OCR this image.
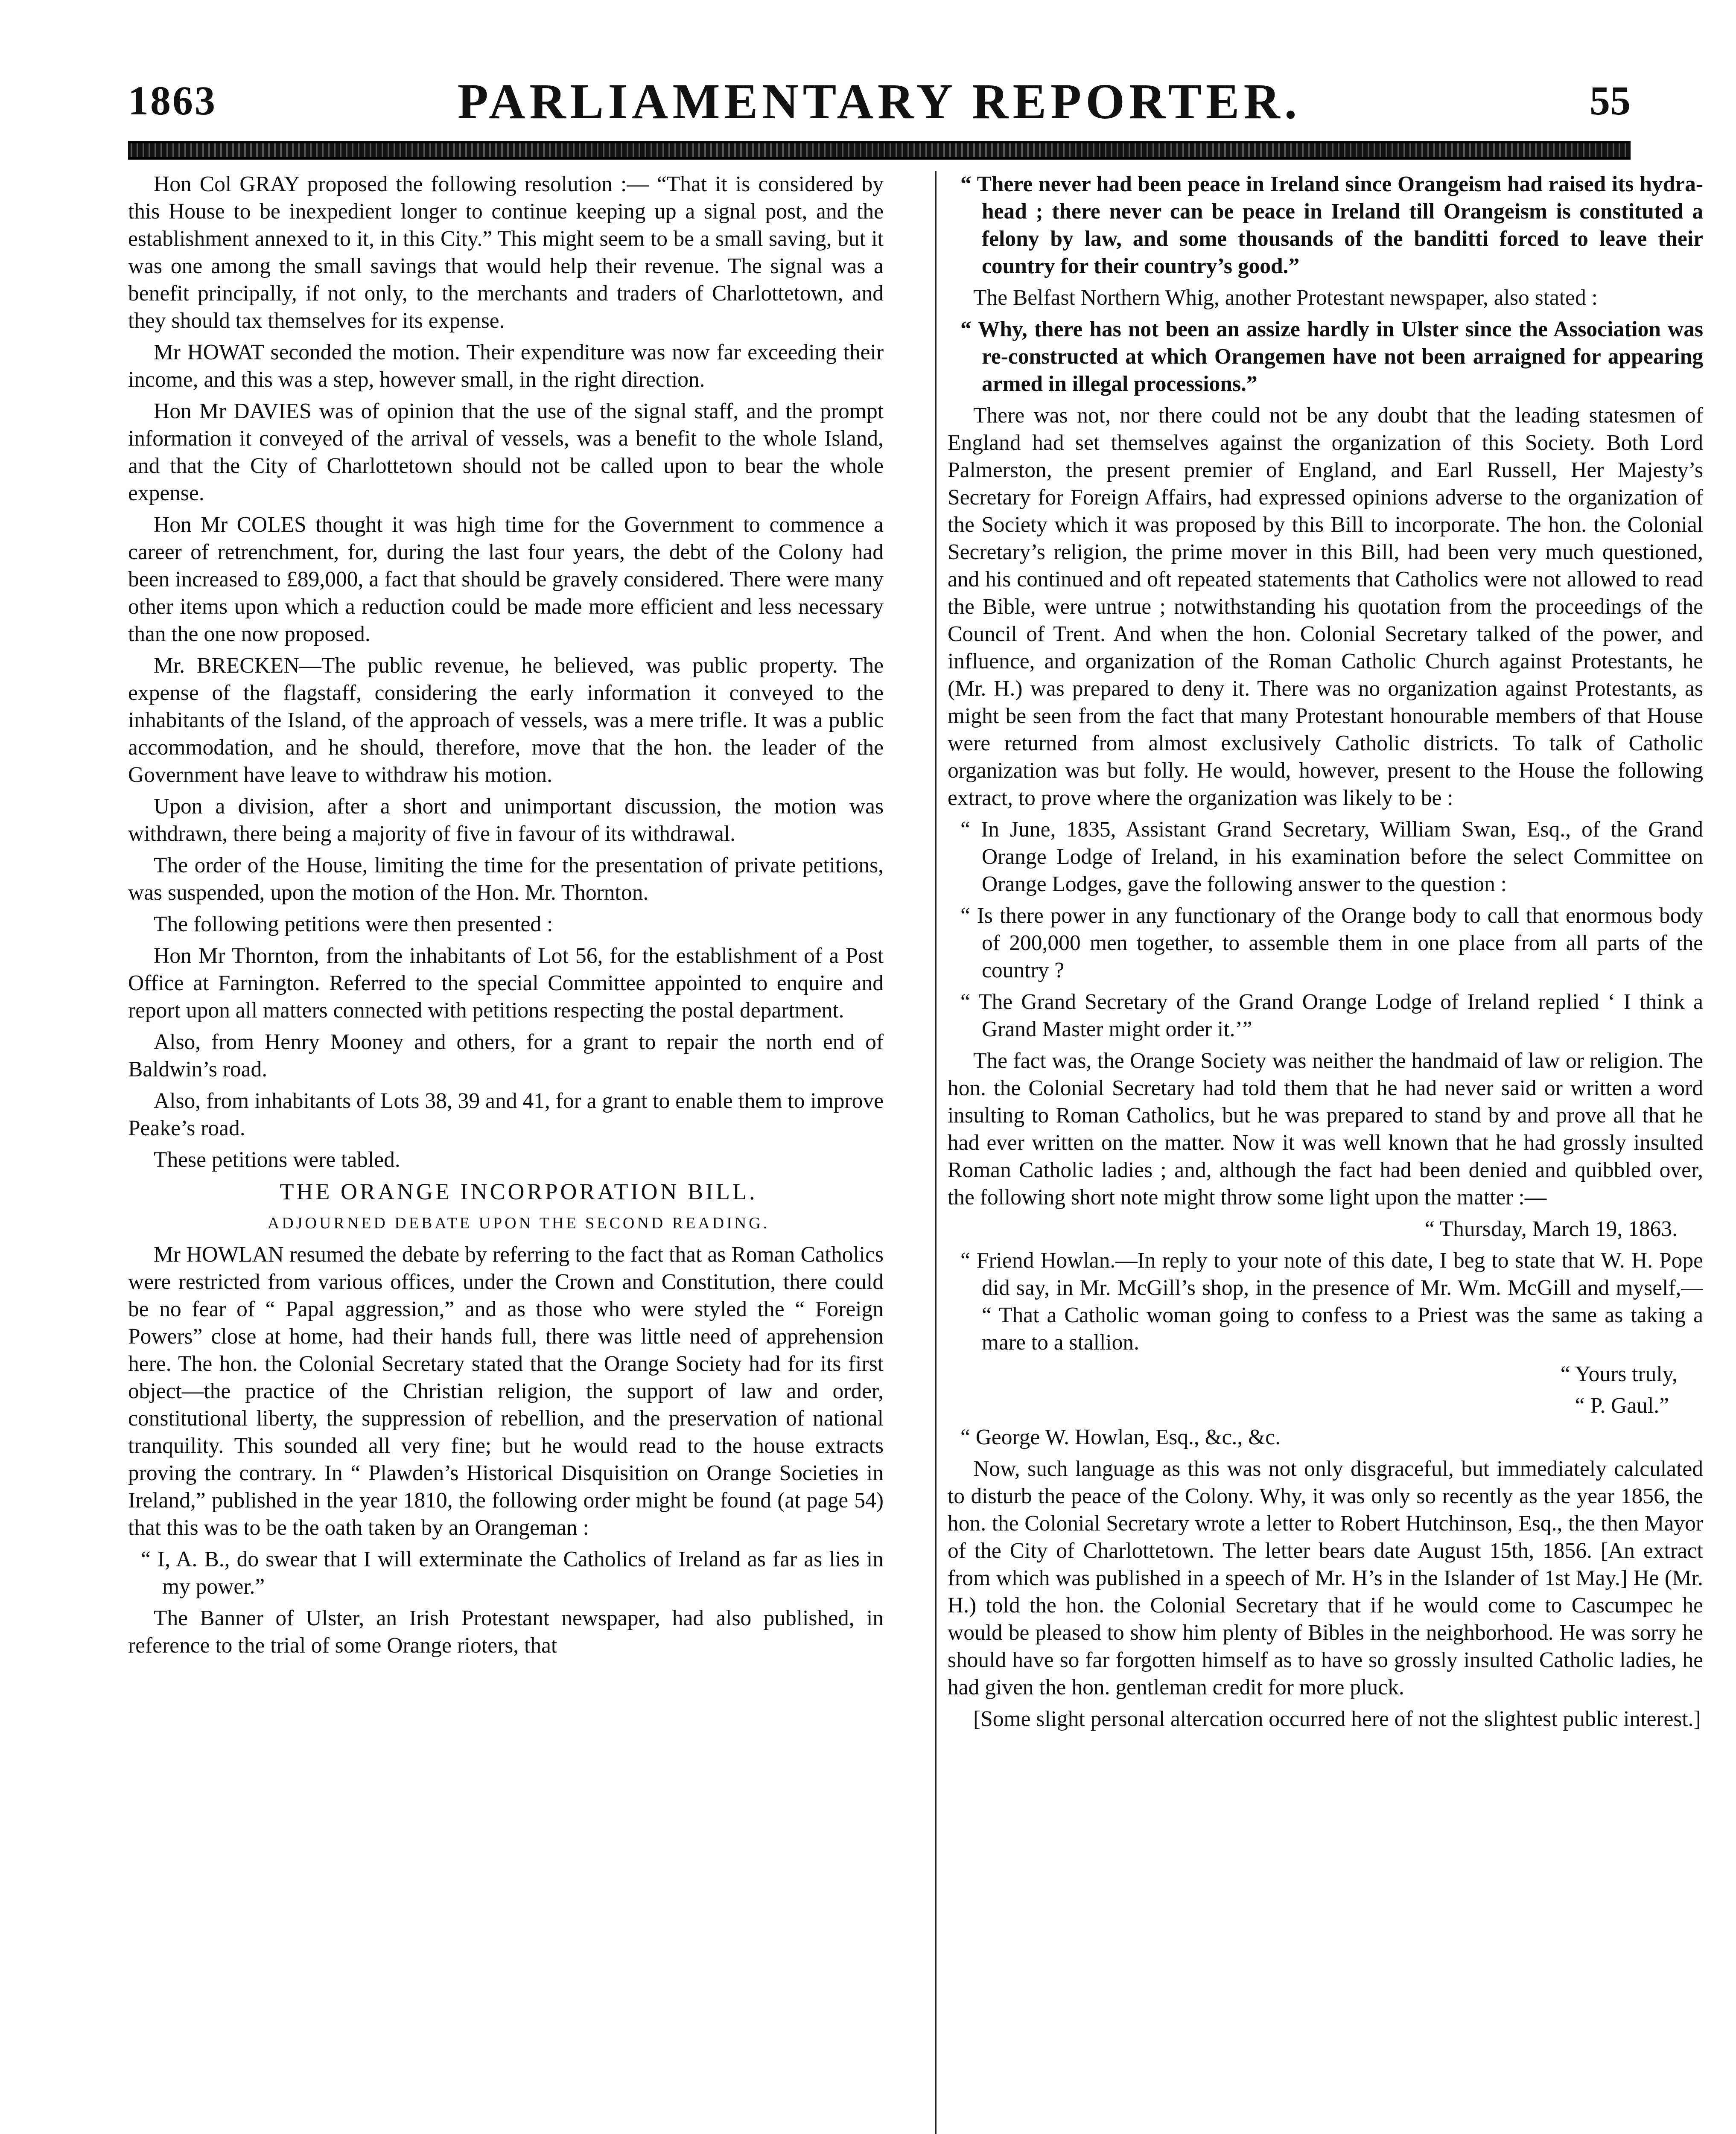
1863	PARLIAMENTARY REPORTER.	55

Hon Col GRAY proposed the following resolution :— “That it is considered by this House to be inexpedient longer to continue keeping up a signal post, and the establishment annexed to it, in this City.” This might seem to be a small saving, but it was one among the small savings that would help their revenue. The signal was a benefit principally, if not only, to the merchants and traders of Charlottetown, and they should tax themselves for its expense.

Mr HOWAT seconded the motion. Their expenditure was now far exceeding their income, and this was a step, however small, in the right direction.

Hon Mr DAVIES was of opinion that the use of the signal staff, and the prompt information it conveyed of the arrival of vessels, was a benefit to the whole Island, and that the City of Charlottetown should not be called upon to bear the whole expense.

Hon Mr COLES thought it was high time for the Government to commence a career of retrenchment, for, during the last four years, the debt of the Colony had been increased to £89,000, a fact that should be gravely considered. There were many other items upon which a reduction could be made more efficient and less necessary than the one now proposed.

Mr. BRECKEN—The public revenue, he believed, was public property. The expense of the flagstaff, considering the early information it conveyed to the inhabitants of the Island, of the approach of vessels, was a mere trifle. It was a public accommodation, and he should, therefore, move that the hon. the leader of the Government have leave to withdraw his motion.

Upon a division, after a short and unimportant discussion, the motion was withdrawn, there being a majority of five in favour of its withdrawal.

The order of the House, limiting the time for the presentation of private petitions, was suspended, upon the motion of the Hon. Mr. Thornton.

The following petitions were then presented :

Hon Mr Thornton, from the inhabitants of Lot 56, for the establishment of a Post Office at Farnington. Referred to the special Committee appointed to enquire and report upon all matters connected with petitions respecting the postal department.

Also, from Henry Mooney and others, for a grant to repair the north end of Baldwin’s road.

Also, from inhabitants of Lots 38, 39 and 41, for a grant to enable them to improve Peake’s road.

These petitions were tabled.

THE ORANGE INCORPORATION BILL.

ADJOURNED DEBATE UPON THE SECOND READING.

Mr HOWLAN resumed the debate by referring to the fact that as Roman Catholics were restricted from various offices, under the Crown and Constitution, there could be no fear of “ Papal aggression,” and as those who were styled the “ Foreign Powers” close at home, had their hands full, there was little need of apprehension here. The hon. the Colonial Secretary stated that the Orange Society had for its first object—the practice of the Christian religion, the support of law and order, constitutional liberty, the suppression of rebellion, and the preservation of national tranquility. This sounded all very fine; but he would read to the house extracts proving the contrary. In “ Plawden’s Historical Disquisition on Orange Societies in Ireland,” published in the year 1810, the following order might be found (at page 54) that this was to be the oath taken by an Orangeman :

“ I, A. B., do swear that I will exterminate the Catholics of Ireland as far as lies in my power.”

The Banner of Ulster, an Irish Protestant newspaper, had also published, in reference to the trial of some Orange rioters, that

“ There never had been peace in Ireland since Orangeism had raised its hydra-head ; there never can be peace in Ireland till Orangeism is constituted a felony by law, and some thousands of the banditti forced to leave their country for their country’s good.”

The Belfast Northern Whig, another Protestant newspaper, also stated :

“ Why, there has not been an assize hardly in Ulster since the Association was re-constructed at which Orangemen have not been arraigned for appearing armed in illegal processions.”

There was not, nor there could not be any doubt that the leading statesmen of England had set themselves against the organization of this Society. Both Lord Palmerston, the present premier of England, and Earl Russell, Her Majesty’s Secretary for Foreign Affairs, had expressed opinions adverse to the organization of the Society which it was proposed by this Bill to incorporate. The hon. the Colonial Secretary’s religion, the prime mover in this Bill, had been very much questioned, and his continued and oft repeated statements that Catholics were not allowed to read the Bible, were untrue ; notwithstanding his quotation from the proceedings of the Council of Trent. And when the hon. Colonial Secretary talked of the power, and influence, and organization of the Roman Catholic Church against Protestants, he (Mr. H.) was prepared to deny it. There was no organization against Protestants, as might be seen from the fact that many Protestant honourable members of that House were returned from almost exclusively Catholic districts. To talk of Catholic organization was but folly. He would, however, present to the House the following extract, to prove where the organization was likely to be :

“ In June, 1835, Assistant Grand Secretary, William Swan, Esq., of the Grand Orange Lodge of Ireland, in his examination before the select Committee on Orange Lodges, gave the following answer to the question :

“ Is there power in any functionary of the Orange body to call that enormous body of 200,000 men together, to assemble them in one place from all parts of the country ?

“ The Grand Secretary of the Grand Orange Lodge of Ireland replied ‘ I think a Grand Master might order it.’”

The fact was, the Orange Society was neither the handmaid of law or religion. The hon. the Colonial Secretary had told them that he had never said or written a word insulting to Roman Catholics, but he was prepared to stand by and prove all that he had ever written on the matter. Now it was well known that he had grossly insulted Roman Catholic ladies ; and, although the fact had been denied and quibbled over, the following short note might throw some light upon the matter :—

“ Thursday, March 19, 1863.

“ Friend Howlan.—In reply to your note of this date, I beg to state that W. H. Pope did say, in Mr. McGill’s shop, in the presence of Mr. Wm. McGill and myself,— “ That a Catholic woman going to confess to a Priest was the same as taking a mare to a stallion.

“ Yours truly,

“ P. Gaul.”

“ George W. Howlan, Esq., &c., &c.

Now, such language as this was not only disgraceful, but immediately calculated to disturb the peace of the Colony. Why, it was only so recently as the year 1856, the hon. the Colonial Secretary wrote a letter to Robert Hutchinson, Esq., the then Mayor of the City of Charlottetown. The letter bears date August 15th, 1856. [An extract from which was published in a speech of Mr. H’s in the Islander of 1st May.] He (Mr. H.) told the hon. the Colonial Secretary that if he would come to Cascumpec he would be pleased to show him plenty of Bibles in the neighborhood. He was sorry he should have so far forgotten himself as to have so grossly insulted Catholic ladies, he had given the hon. gentleman credit for more pluck.

[Some slight personal altercation occurred here of not the slightest public interest.]
